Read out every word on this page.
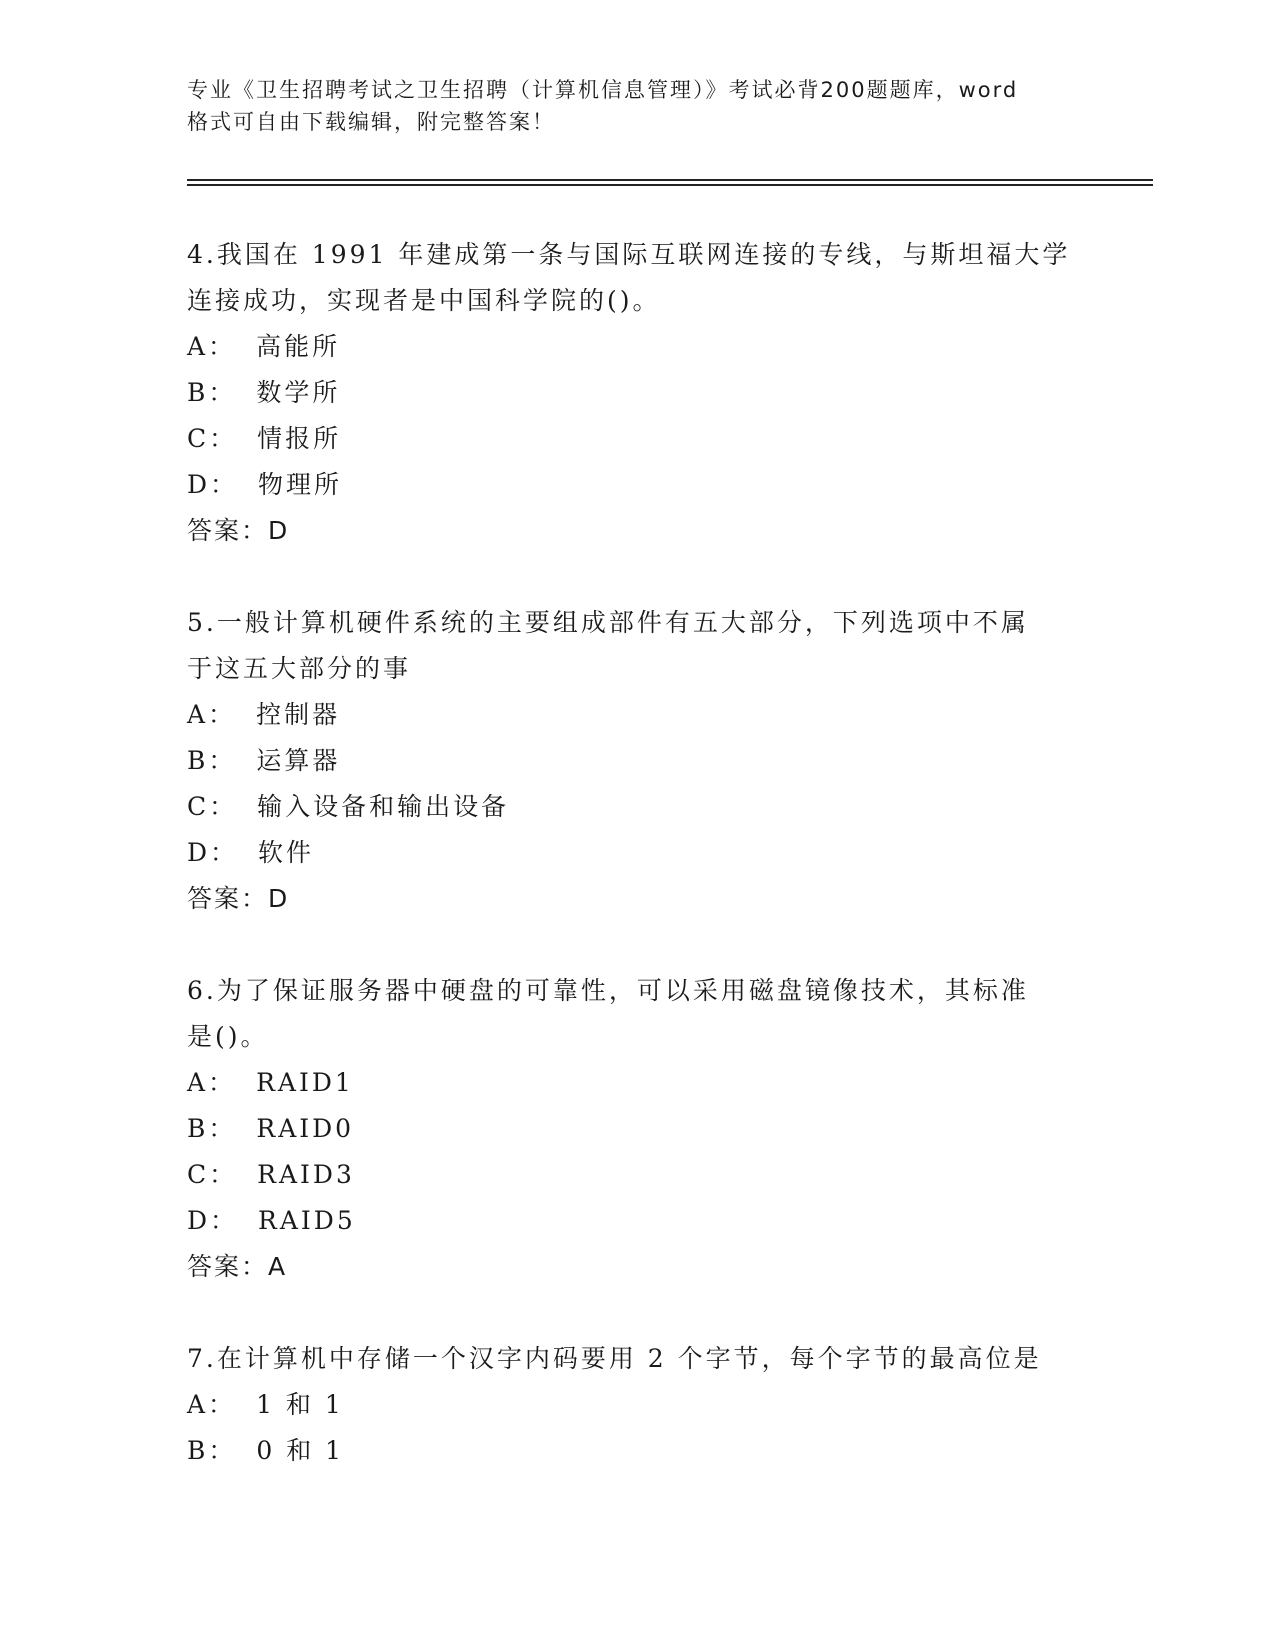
专业《卫生招聘考试之卫生招聘（计算机信息管理）》考试必背200题题库，word
格式可自由下载编辑，附完整答案！

4.我国在 1991 年建成第一条与国际互联网连接的专线，与斯坦福大学

连接成功，实现者是中国科学院的()。

A： 高能所

B： 数学所

C： 情报所

D： 物理所

答案：D

5.一般计算机硬件系统的主要组成部件有五大部分，下列选项中不属

于这五大部分的事

A： 控制器

B： 运算器

C： 输入设备和输出设备

D： 软件

答案：D

6.为了保证服务器中硬盘的可靠性，可以采用磁盘镜像技术，其标准

是()。

A： RAID1

B： RAID0

C： RAID3

D： RAID5

答案：A

7.在计算机中存储一个汉字内码要用 2 个字节，每个字节的最高位是

A： 1 和 1

B： 0 和 1
